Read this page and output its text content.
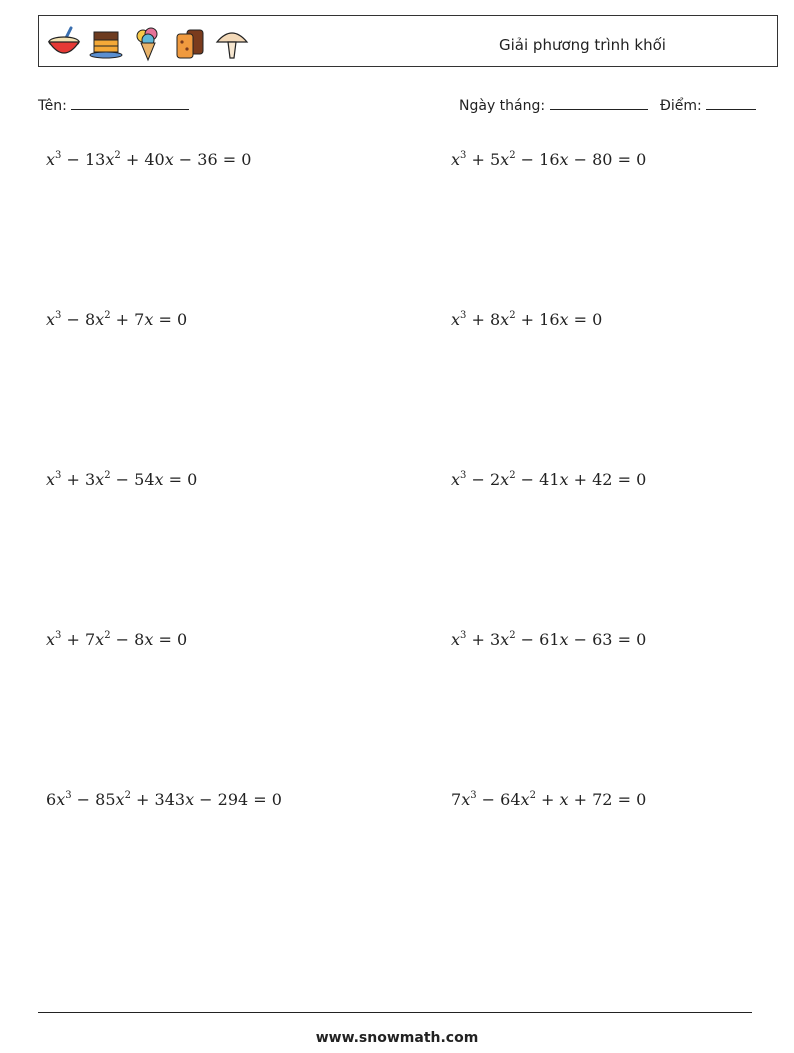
Giải phương trình khối
Tên:	Ngày tháng:	Điểm:
$x^3 - 13x^2 + 40x - 36 = 0$	$x^3 + 5x^2 - 16x - 80 = 0$
$x^3 - 8x^2 + 7x = 0$	$x^3 + 8x^2 + 16x = 0$
$x^3 + 3x^2 - 54x = 0$	$x^3 - 2x^2 - 41x + 42 = 0$
$x^3 + 7x^2 - 8x = 0$	$x^3 + 3x^2 - 61x - 63 = 0$
$6x^3 - 85x^2 + 343x - 294 = 0$	$7x^3 - 64x^2 + x + 72 = 0$
www.snowmath.com
